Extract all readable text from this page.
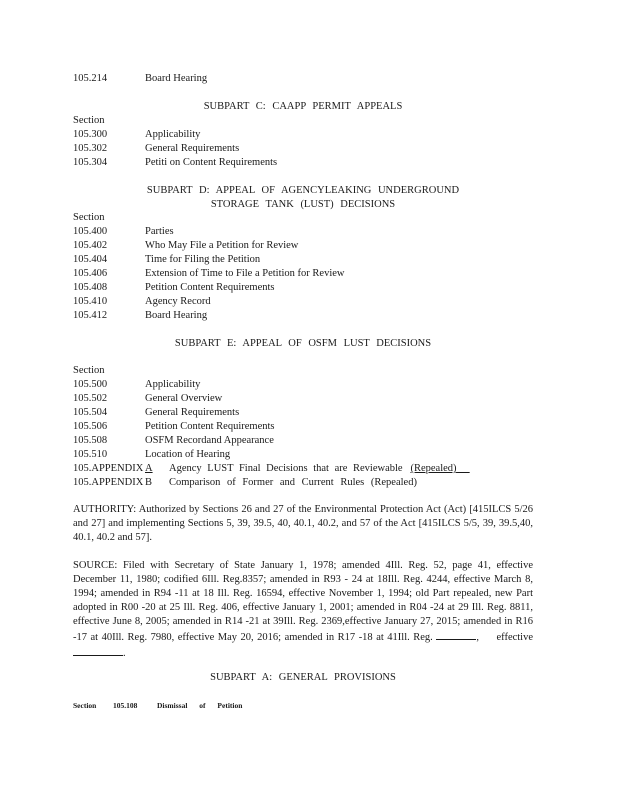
105.214	Board Hearing
SUBPART C: CAAPP PERMIT APPEALS
Section
105.300	Applicability
105.302	General Requirements
105.304	Petiti on Content Requirements
SUBPART D: APPEAL OF AGENCYLEAKING UNDERGROUND
STORAGE TANK (LUST) DECISIONS
Section
105.400	Parties
105.402	Who May File a Petition for Review
105.404	Time for Filing the Petition
105.406	Extension of Time to File a Petition for Review
105.408	Petition Content Requirements
105.410	Agency Record
105.412	Board Hearing
SUBPART E: APPEAL OF OSFM LUST DECISIONS
Section
105.500	Applicability
105.502	General Overview
105.504	General Requirements
105.506	Petition Content Requirements
105.508	OSFM Recordand Appearance
105.510	Location of Hearing
105.APPENDIX A Agency LUST Final Decisions that are Reviewable (Repealed)
105.APPENDIX B Comparison of Former and Current Rules (Repealed)
AUTHORITY: Authorized by Sections 26 and 27 of the Environmental Protection Act (Act) [415ILCS 5/26 and 27] and implementing Sections 5, 39, 39.5, 40, 40.1, 40.2, and 57 of the Act [415ILCS 5/5, 39, 39.5,40, 40.1, 40.2 and 57].
SOURCE: Filed with Secretary of State January 1, 1978; amended 4Ill. Reg. 52, page 41, effective December 11, 1980; codified 6Ill. Reg.8357; amended in R93 - 24 at 18Ill. Reg. 4244, effective March 8, 1994; amended in R94 -11 at 18 Ill. Reg. 16594, effective November 1, 1994; old Part repealed, new Part adopted in R00 -20 at 25 Ill. Reg. 406, effective January 1, 2001; amended in R04 -24 at 29 Ill. Reg. 8811, effective June 8, 2005; amended in R14 -21 at 39Ill. Reg. 2369,effective January 27, 2015; amended in R16 -17 at 40Ill. Reg. 7980, effective May 20, 2016; amended in R17 -18 at 41Ill. Reg.	, effective .
SUBPART A: GENERAL PROVISIONS
Section 105.108	Dismissal of Petition
